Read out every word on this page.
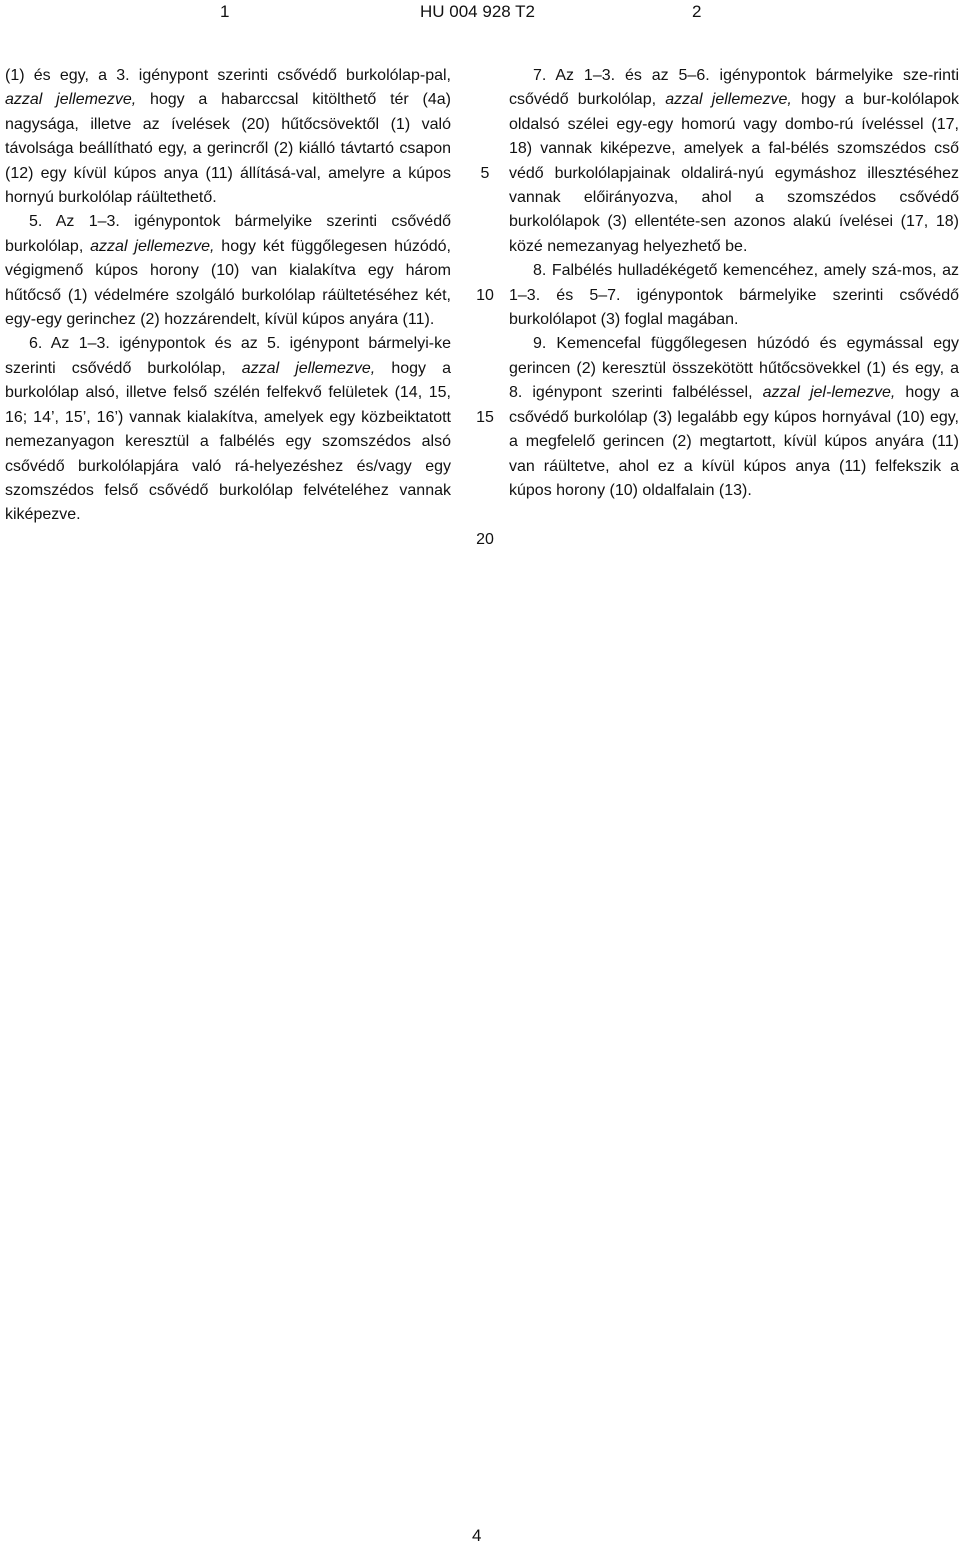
1	HU 004 928 T2	2

(1) és egy, a 3. igénypont szerinti csővédő burkolólap-pal, azzal jellemezve, hogy a habarccsal kitölthető tér (4a) nagysága, illetve az ívelések (20) hűtőcsövektől (1) való távolsága beállítható egy, a gerincről (2) kiálló távtartó csapon (12) egy kívül kúpos anya (11) állításá-val, amelyre a kúpos hornyú burkolólap ráültethető.

5. Az 1–3. igénypontok bármelyike szerinti csővédő burkolólap, azzal jellemezve, hogy két függőlegesen húzódó, végigmenő kúpos horony (10) van kialakítva egy három hűtőcső (1) védelmére szolgáló burkolólap ráültetéséhez két, egy-egy gerinchez (2) hozzárendelt, kívül kúpos anyára (11).

6. Az 1–3. igénypontok és az 5. igénypont bármelyi-ke szerinti csővédő burkolólap, azzal jellemezve, hogy a burkolólap alsó, illetve felső szélén felfekvő felületek (14, 15, 16; 14’, 15’, 16’) vannak kialakítva, amelyek egy közbeiktatott nemezanyagon keresztül a falbélés egy szomszédos alsó csővédő burkolólapjára való rá-helyezéshez és/vagy egy szomszédos felső csővédő burkolólap felvételéhez vannak kiképezve.

5
10
15
20

7. Az 1–3. és az 5–6. igénypontok bármelyike sze-rinti csővédő burkolólap, azzal jellemezve, hogy a bur-kolólapok oldalsó szélei egy-egy homorú vagy dombo-rú íveléssel (17, 18) vannak kiképezve, amelyek a fal-bélés szomszédos cső védő burkolólapjainak oldalirá-nyú egymáshoz illesztéséhez vannak előirányozva, ahol a szomszédos csővédő burkolólapok (3) ellentéte-sen azonos alakú ívelései (17, 18) közé nemezanyag helyezhető be.

8. Falbélés hulladékégető kemencéhez, amely szá-mos, az 1–3. és 5–7. igénypontok bármelyike szerinti csővédő burkolólapot (3) foglal magában.

9. Kemencefal függőlegesen húzódó és egymással egy gerincen (2) keresztül összekötött hűtőcsövekkel (1) és egy, a 8. igénypont szerinti falbéléssel, azzal jel-lemezve, hogy a csővédő burkolólap (3) legalább egy kúpos hornyával (10) egy, a megfelelő gerincen (2) megtartott, kívül kúpos anyára (11) van ráültetve, ahol ez a kívül kúpos anya (11) felfekszik a kúpos horony (10) oldalfalain (13).

4
